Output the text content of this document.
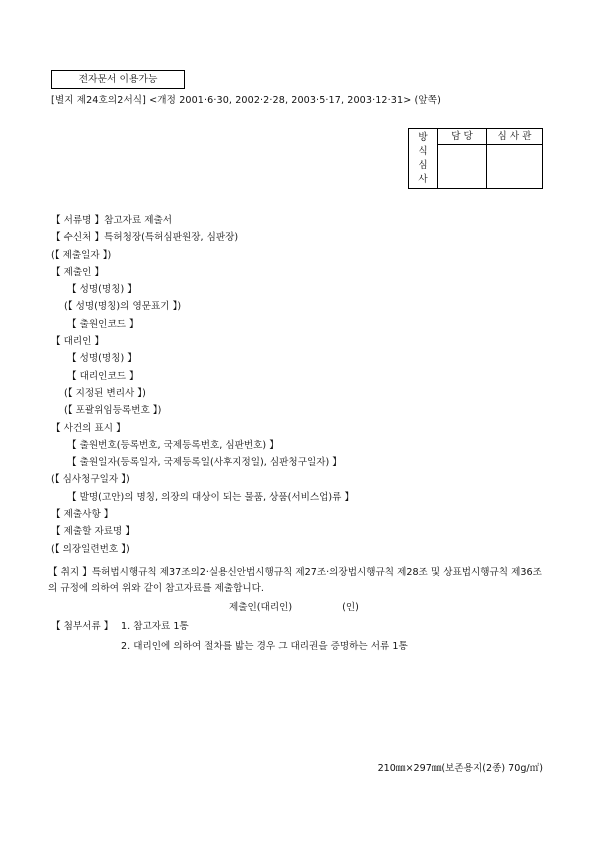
전자문서 이용가능
[별지 제24호의2서식] <개정 2001·6·30, 2002·2·28, 2003·5·17, 2003·12·31> (앞쪽)
방식심사	담 당	심 사 관

【 서류명 】참고자료 제출서
【 수신처 】특허청장(특허심판원장, 심판장)
(【 제출일자 】)
【 제출인 】
【 성명(명칭) 】
(【 성명(명칭)의 영문표기 】)
【 출원인코드 】
【 대리인 】
【 성명(명칭) 】
【 대리인코드 】
(【 지정된 변리사 】)
(【 포괄위임등록번호 】)
【 사건의 표시 】
【 출원번호(등록번호, 국제등록번호, 심판번호) 】
【 출원일자(등록일자, 국제등록일(사후지정일), 심판청구일자) 】
(【 심사청구일자 】)
【 발명(고안)의 명칭, 의장의 대상이 되는 물품, 상품(서비스업)류 】
【 제출사항 】
【 제출할 자료명 】
(【 의장일련번호 】)
【 취지 】특허법시행규칙 제37조의2·실용신안법시행규칙 제27조·의장법시행규칙 제28조 및 상표법시행규칙 제36조의 규정에 의하여 위와 같이 참고자료를 제출합니다.
제출인(대리인)	(인)
【 첨부서류 】 1. 참고자료 1통
2. 대리인에 의하여 절차를 밟는 경우 그 대리권을 증명하는 서류 1통
210㎜×297㎜(보존용지(2종) 70g/㎡)
